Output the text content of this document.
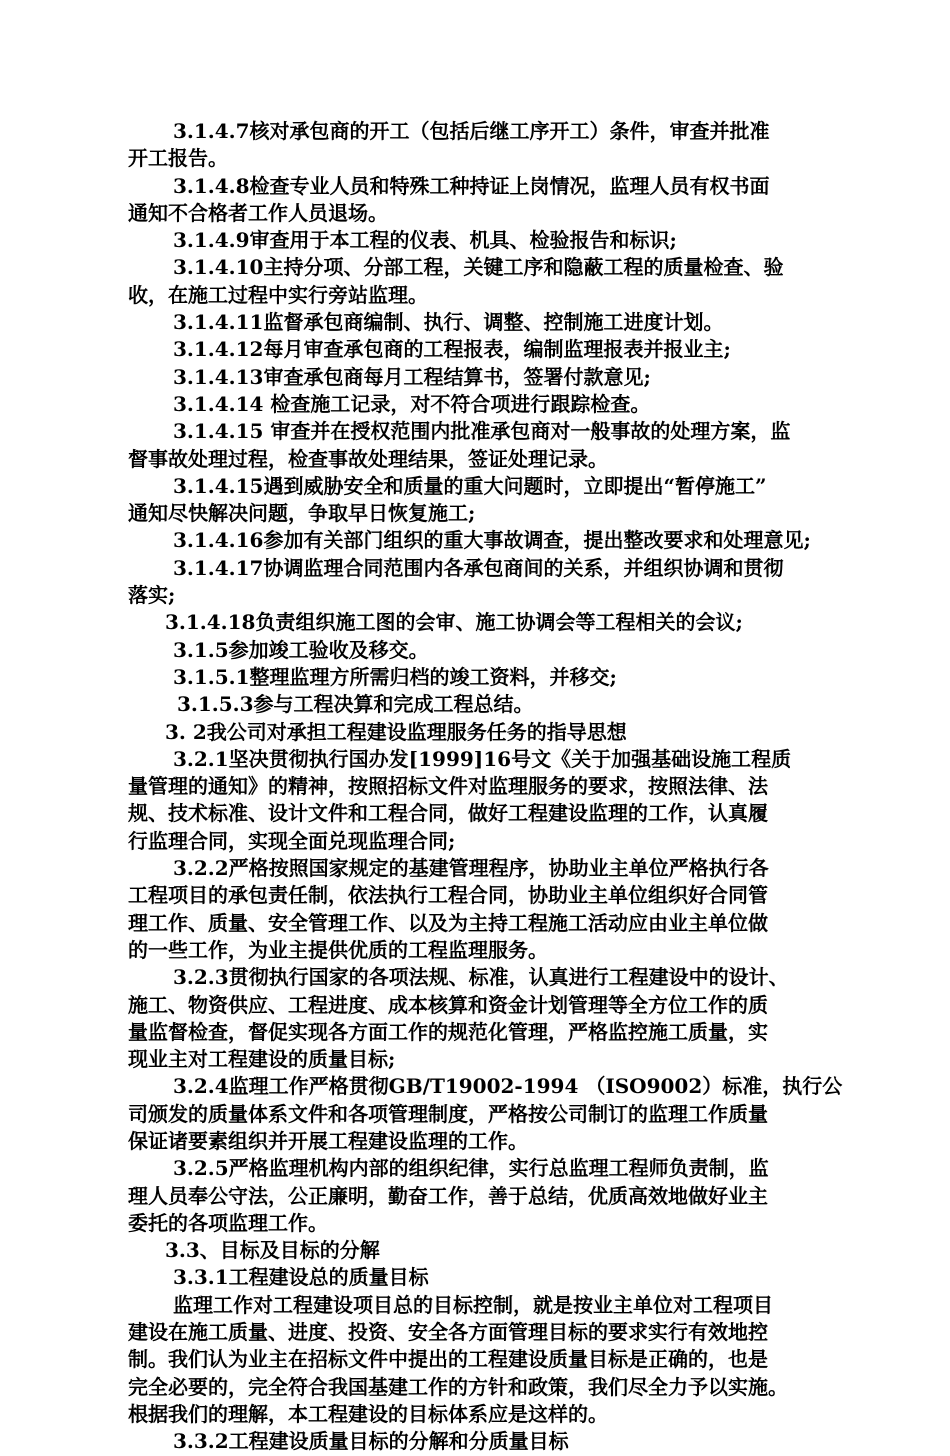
3.1.4.7核对承包商的开工（包括后继工序开工）条件，审查并批准
开工报告。
3.1.4.8检查专业人员和特殊工种持证上岗情况，监理人员有权书面
通知不合格者工作人员退场。
3.1.4.9审查用于本工程的仪表、机具、检验报告和标识;
3.1.4.10主持分项、分部工程，关键工序和隐蔽工程的质量检查、验
收，在施工过程中实行旁站监理。
3.1.4.11监督承包商编制、执行、调整、控制施工进度计划。
3.1.4.12每月审查承包商的工程报表，编制监理报表并报业主;
3.1.4.13审查承包商每月工程结算书，签署付款意见;
3.1.4.14 检查施工记录，对不符合项进行跟踪检查。
3.1.4.15 审查并在授权范围内批准承包商对一般事故的处理方案，监
督事故处理过程，检查事故处理结果，签证处理记录。
3.1.4.15遇到威胁安全和质量的重大问题时，立即提出“暂停施工”
通知尽快解决问题，争取早日恢复施工;
3.1.4.16参加有关部门组织的重大事故调查，提出整改要求和处理意见;
3.1.4.17协调监理合同范围内各承包商间的关系，并组织协调和贯彻
落实;
3.1.4.18负责组织施工图的会审、施工协调会等工程相关的会议;
3.1.5参加竣工验收及移交。
3.1.5.1整理监理方所需归档的竣工资料，并移交;
3.1.5.3参与工程决算和完成工程总结。
3. 2我公司对承担工程建设监理服务任务的指导思想
3.2.1坚决贯彻执行国办发[1999]16号文《关于加强基础设施工程质
量管理的通知》的精神，按照招标文件对监理服务的要求，按照法律、法
规、技术标准、设计文件和工程合同，做好工程建设监理的工作，认真履
行监理合同，实现全面兑现监理合同;
3.2.2严格按照国家规定的基建管理程序，协助业主单位严格执行各
工程项目的承包责任制，依法执行工程合同，协助业主单位组织好合同管
理工作、质量、安全管理工作、以及为主持工程施工活动应由业主单位做
的一些工作，为业主提供优质的工程监理服务。
3.2.3贯彻执行国家的各项法规、标准，认真进行工程建设中的设计、
施工、物资供应、工程进度、成本核算和资金计划管理等全方位工作的质
量监督检查，督促实现各方面工作的规范化管理，严格监控施工质量，实
现业主对工程建设的质量目标;
3.2.4监理工作严格贯彻GB/T19002-1994 （ISO9002）标准，执行公
司颁发的质量体系文件和各项管理制度，严格按公司制订的监理工作质量
保证诸要素组织并开展工程建设监理的工作。
3.2.5严格监理机构内部的组织纪律，实行总监理工程师负责制，监
理人员奉公守法，公正廉明，勤奋工作，善于总结，优质高效地做好业主
委托的各项监理工作。
3.3、目标及目标的分解
3.3.1工程建设总的质量目标
监理工作对工程建设项目总的目标控制，就是按业主单位对工程项目
建设在施工质量、进度、投资、安全各方面管理目标的要求实行有效地控
制。我们认为业主在招标文件中提出的工程建设质量目标是正确的，也是
完全必要的，完全符合我国基建工作的方针和政策，我们尽全力予以实施。
根据我们的理解，本工程建设的目标体系应是这样的。
3.3.2工程建设质量目标的分解和分质量目标
